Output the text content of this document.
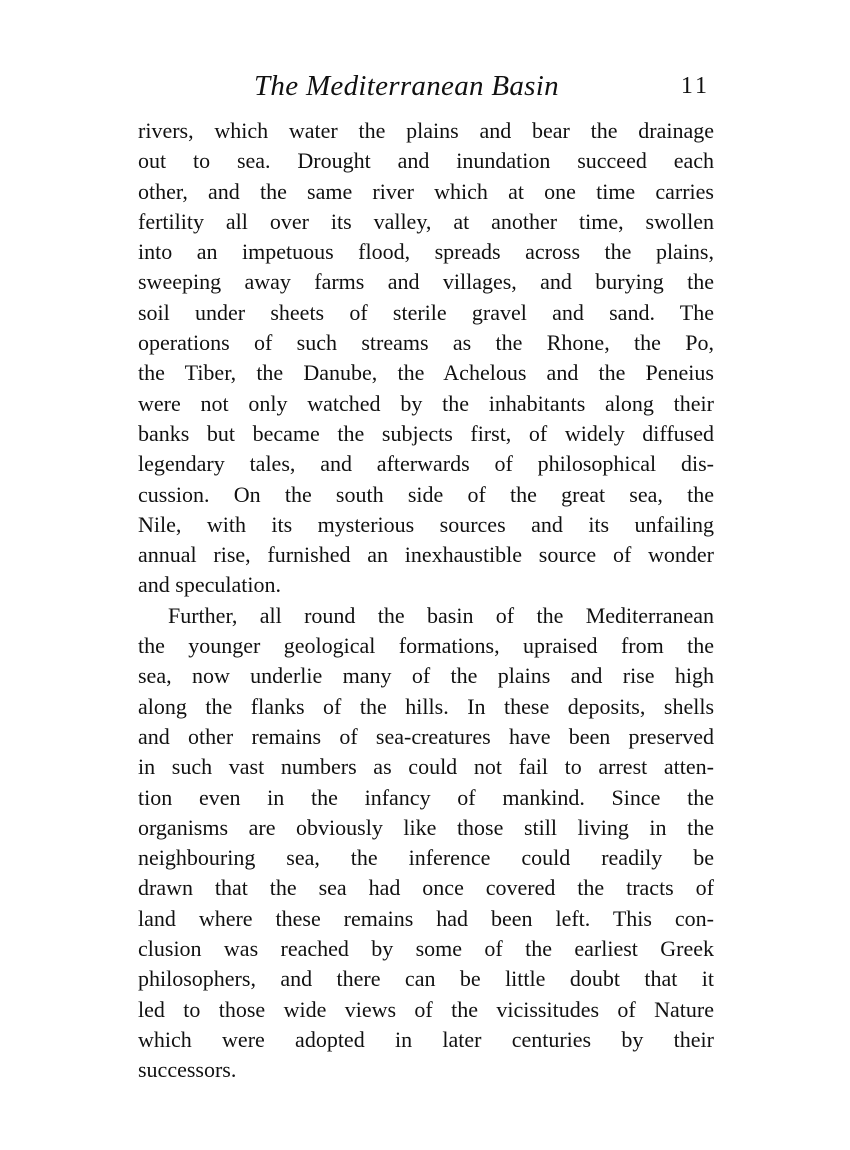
The Mediterranean Basin	11
rivers, which water the plains and bear the drainage
out to sea. Drought and inundation succeed each
other, and the same river which at one time carries
fertility all over its valley, at another time, swollen
into an impetuous flood, spreads across the plains,
sweeping away farms and villages, and burying the
soil under sheets of sterile gravel and sand. The
operations of such streams as the Rhone, the Po,
the Tiber, the Danube, the Achelous and the Peneius
were not only watched by the inhabitants along their
banks but became the subjects first, of widely diffused
legendary tales, and afterwards of philosophical dis-
cussion. On the south side of the great sea, the
Nile, with its mysterious sources and its unfailing
annual rise, furnished an inexhaustible source of wonder
and speculation.
Further, all round the basin of the Mediterranean
the younger geological formations, upraised from the
sea, now underlie many of the plains and rise high
along the flanks of the hills. In these deposits, shells
and other remains of sea-creatures have been preserved
in such vast numbers as could not fail to arrest atten-
tion even in the infancy of mankind. Since the
organisms are obviously like those still living in the
neighbouring sea, the inference could readily be
drawn that the sea had once covered the tracts of
land where these remains had been left. This con-
clusion was reached by some of the earliest Greek
philosophers, and there can be little doubt that it
led to those wide views of the vicissitudes of Nature
which were adopted in later centuries by their
successors.
